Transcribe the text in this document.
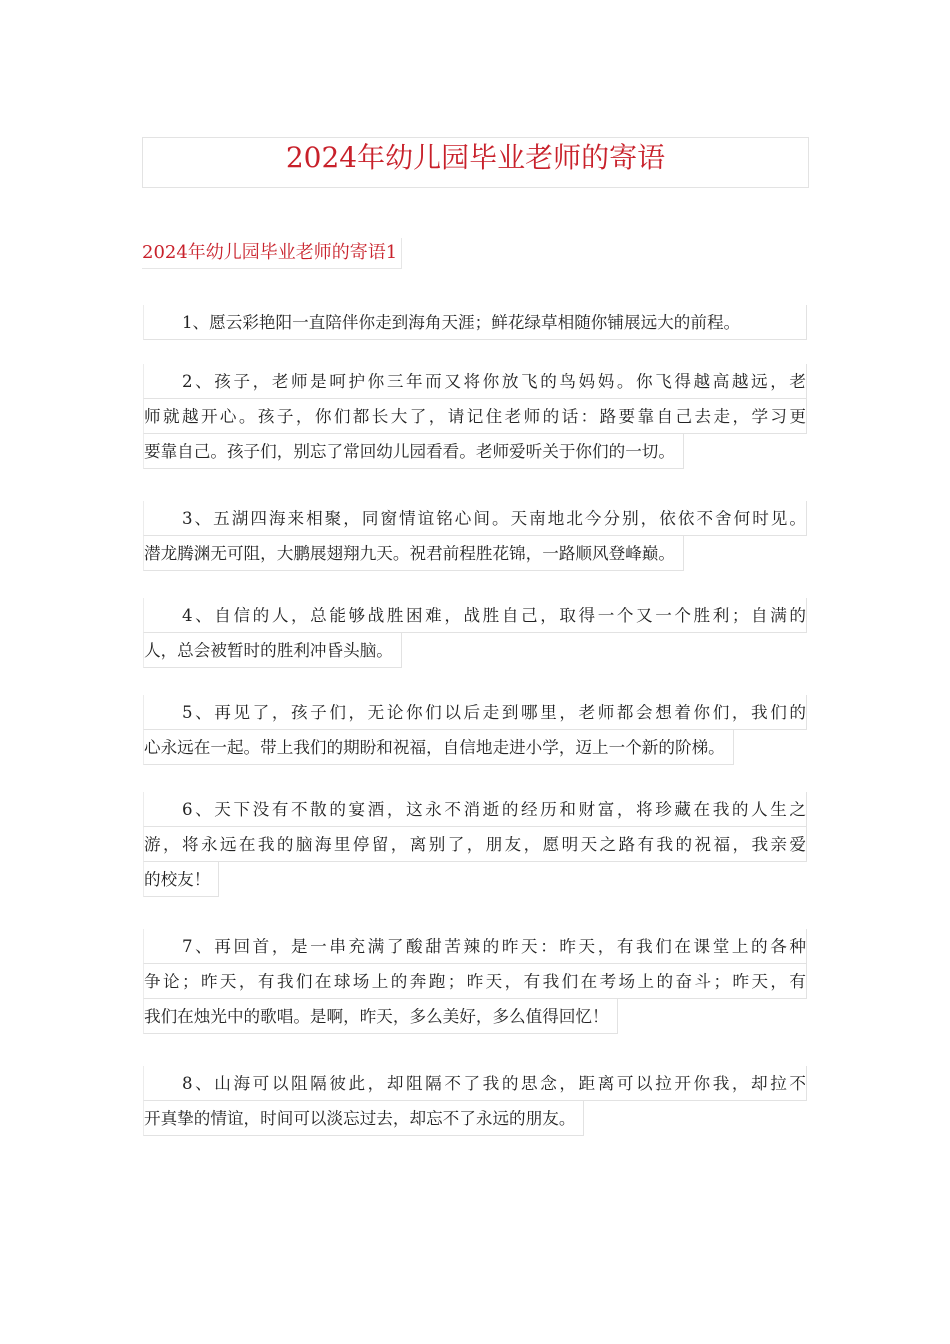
2024年幼儿园毕业老师的寄语
2024年幼儿园毕业老师的寄语1
1、愿云彩艳阳一直陪伴你走到海角天涯；鲜花绿草相随你铺展远大的前程。
2、孩子，老师是呵护你三年而又将你放飞的鸟妈妈。你飞得越高越远，老
师就越开心。孩子，你们都长大了，请记住老师的话：路要靠自己去走，学习更
要靠自己。孩子们，别忘了常回幼儿园看看。老师爱听关于你们的一切。
3、五湖四海来相聚，同窗情谊铭心间。天南地北今分别，依依不舍何时见。
潜龙腾渊无可阻，大鹏展翅翔九天。祝君前程胜花锦，一路顺风登峰巅。
4、自信的人，总能够战胜困难，战胜自己，取得一个又一个胜利；自满的
人，总会被暂时的胜利冲昏头脑。
5、再见了，孩子们，无论你们以后走到哪里，老师都会想着你们，我们的
心永远在一起。带上我们的期盼和祝福，自信地走进小学，迈上一个新的阶梯。
6、天下没有不散的宴酒，这永不消逝的经历和财富，将珍藏在我的人生之
游，将永远在我的脑海里停留，离别了，朋友，愿明天之路有我的祝福，我亲爱
的校友！
7、再回首，是一串充满了酸甜苦辣的昨天：昨天，有我们在课堂上的各种
争论；昨天，有我们在球场上的奔跑；昨天，有我们在考场上的奋斗；昨天，有
我们在烛光中的歌唱。是啊，昨天，多么美好，多么值得回忆！
8、山海可以阻隔彼此，却阻隔不了我的思念，距离可以拉开你我，却拉不
开真挚的情谊，时间可以淡忘过去，却忘不了永远的朋友。
